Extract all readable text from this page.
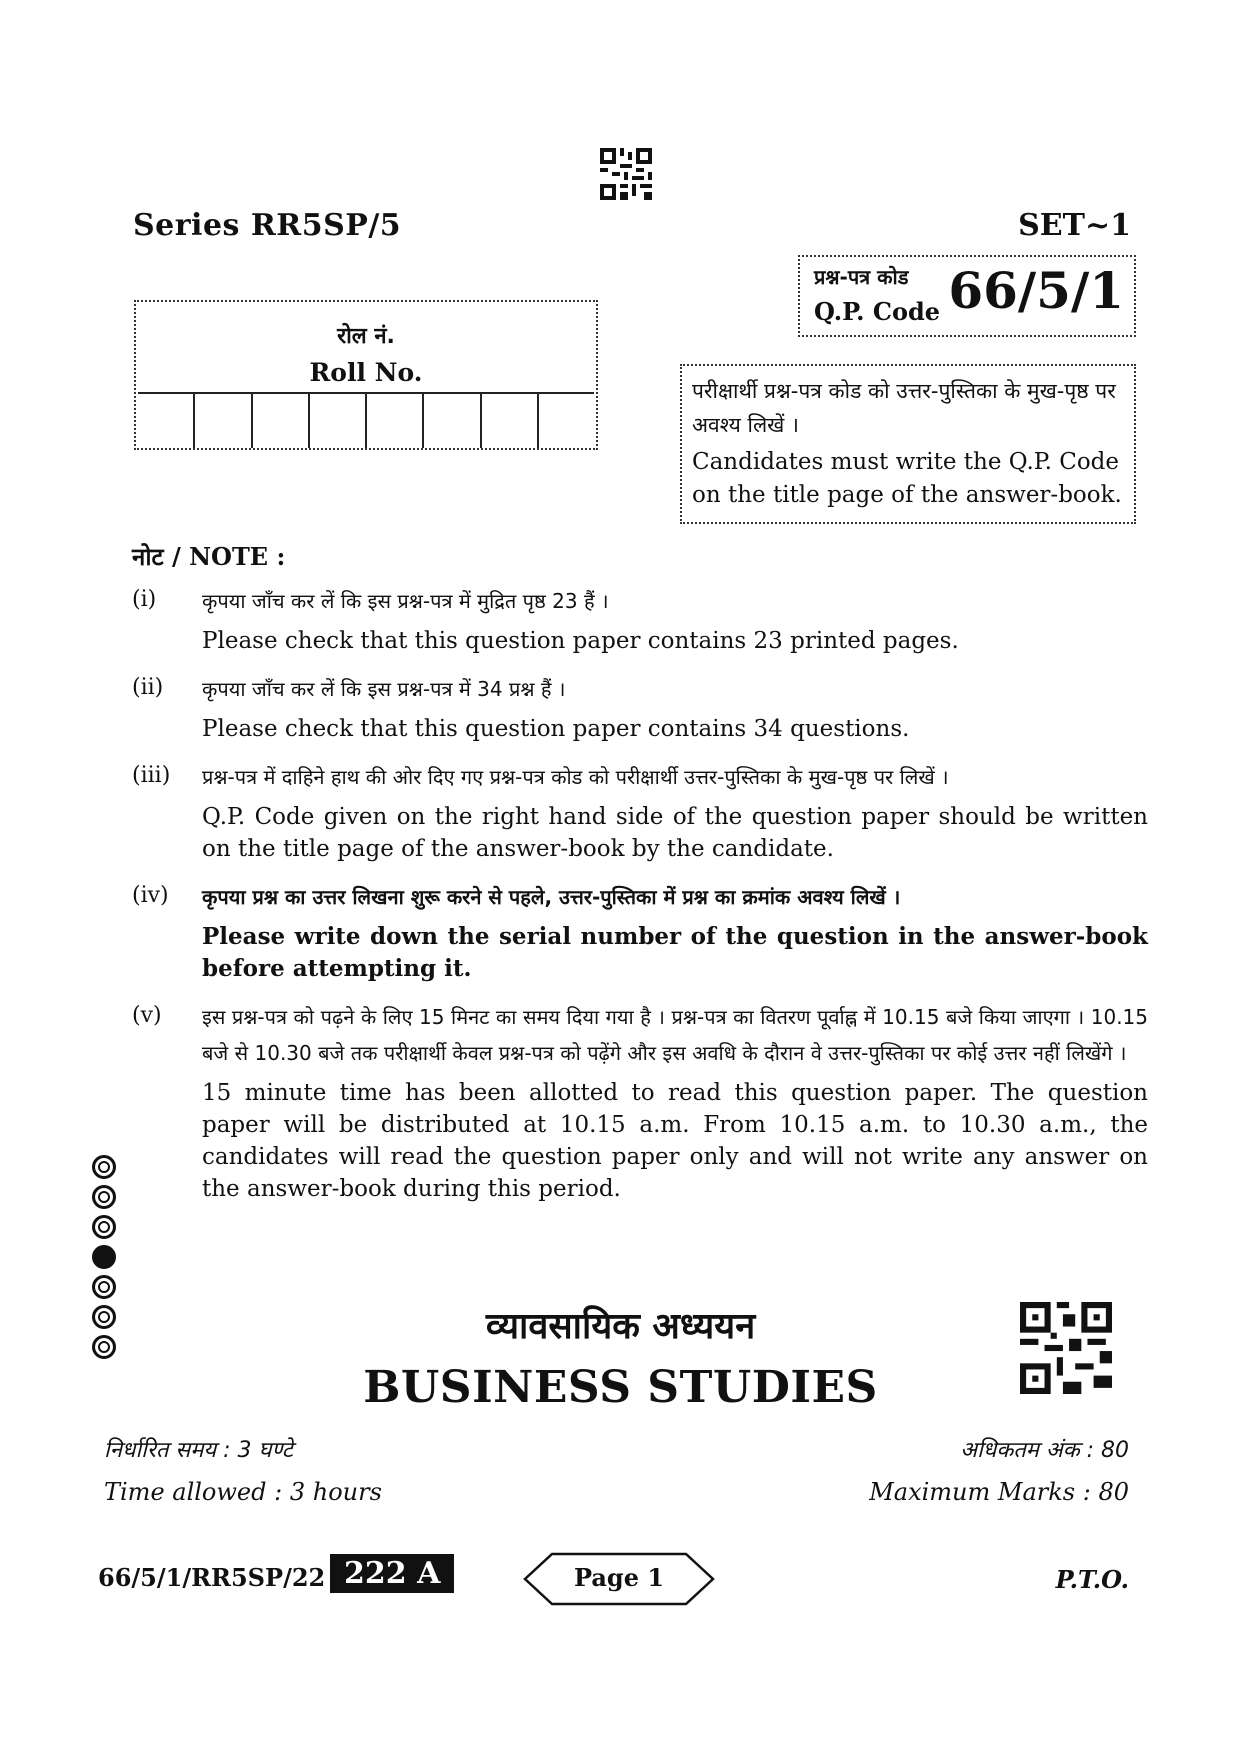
Series RR5SP/5	SET~1
प्रश्न-पत्र कोड
Q.P. Code 66/5/1
रोल नं.
Roll No.
परीक्षार्थी प्रश्न-पत्र कोड को उत्तर-पुस्तिका के मुख-पृष्ठ पर अवश्य लिखें ।
Candidates must write the Q.P. Code on the title page of the answer-book.
नोट / NOTE :
(i)	कृपया जाँच कर लें कि इस प्रश्न-पत्र में मुद्रित पृष्ठ 23 हैं ।
Please check that this question paper contains 23 printed pages.
(ii)	कृपया जाँच कर लें कि इस प्रश्न-पत्र में 34 प्रश्न हैं ।
Please check that this question paper contains 34 questions.
(iii)	प्रश्न-पत्र में दाहिने हाथ की ओर दिए गए प्रश्न-पत्र कोड को परीक्षार्थी उत्तर-पुस्तिका के मुख-पृष्ठ पर लिखें ।
Q.P. Code given on the right hand side of the question paper should be written on the title page of the answer-book by the candidate.
(iv)	कृपया प्रश्न का उत्तर लिखना शुरू करने से पहले, उत्तर-पुस्तिका में प्रश्न का क्रमांक अवश्य लिखें ।
Please write down the serial number of the question in the answer-book before attempting it.
(v)	इस प्रश्न-पत्र को पढ़ने के लिए 15 मिनट का समय दिया गया है । प्रश्न-पत्र का वितरण पूर्वाह्न में 10.15 बजे किया जाएगा । 10.15 बजे से 10.30 बजे तक परीक्षार्थी केवल प्रश्न-पत्र को पढ़ेंगे और इस अवधि के दौरान वे उत्तर-पुस्तिका पर कोई उत्तर नहीं लिखेंगे ।
15 minute time has been allotted to read this question paper. The question paper will be distributed at 10.15 a.m. From 10.15 a.m. to 10.30 a.m., the candidates will read the question paper only and will not write any answer on the answer-book during this period.
व्यावसायिक अध्ययन
BUSINESS STUDIES
निर्धारित समय : 3 घण्टे
Time allowed : 3 hours
अधिकतम अंक : 80
Maximum Marks : 80
66/5/1/RR5SP/22 222 A	Page 1	P.T.O.
